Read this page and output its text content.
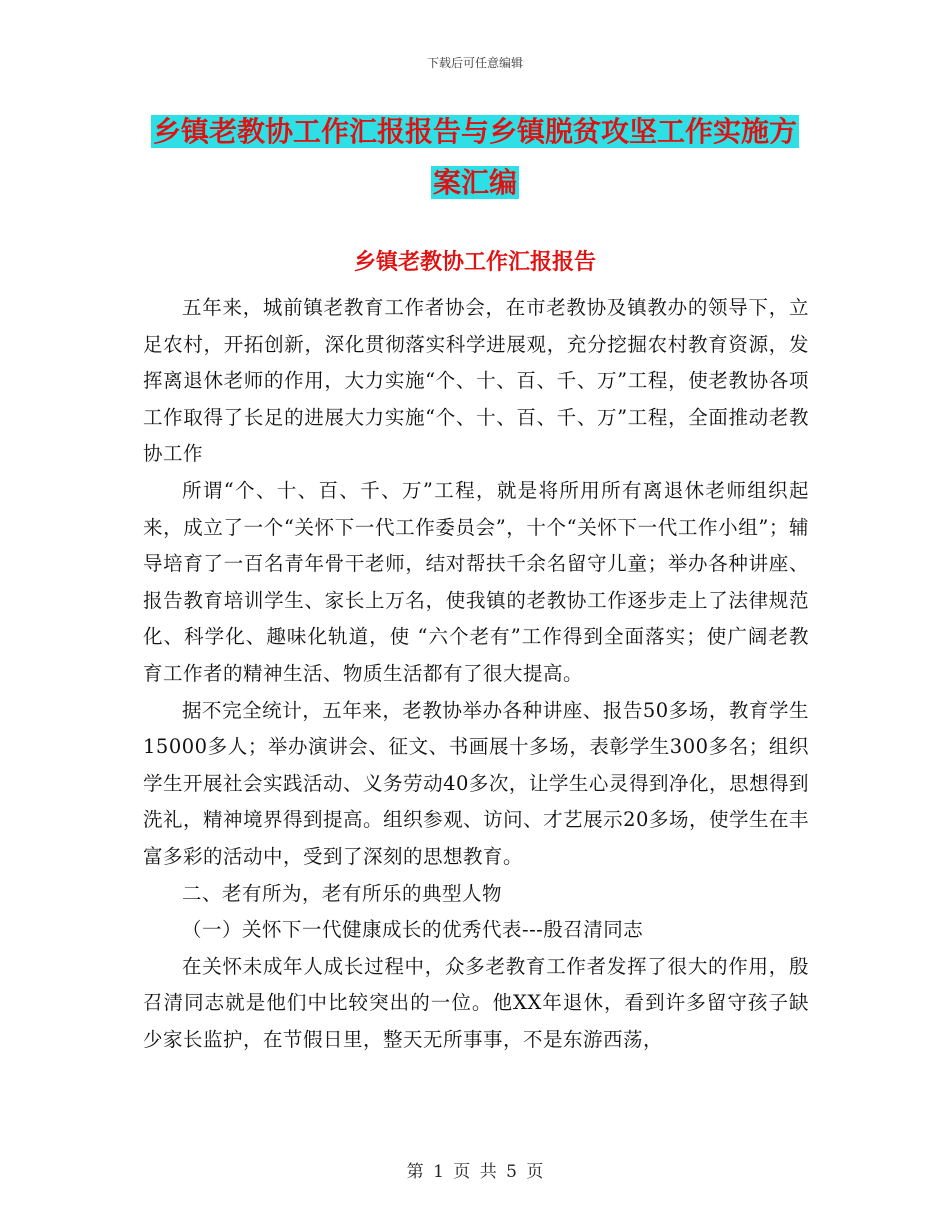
下载后可任意编辑
乡镇老教协工作汇报报告与乡镇脱贫攻坚工作实施方
案汇编
乡镇老教协工作汇报报告

五年来，城前镇老教育工作者协会，在市老教协及镇教办的领导下，立足农村，开拓创新，深化贯彻落实科学进展观，充分挖掘农村教育资源，发挥离退休老师的作用，大力实施“个、十、百、千、万”工程，使老教协各项工作取得了长足的进展大力实施“个、十、百、千、万”工程，全面推动老教协工作

所谓“个、十、百、千、万”工程，就是将所用所有离退休老师组织起来，成立了一个“关怀下一代工作委员会”，十个“关怀下一代工作小组”；辅导培育了一百名青年骨干老师，结对帮扶千余名留守儿童；举办各种讲座、报告教育培训学生、家长上万名，使我镇的老教协工作逐步走上了法律规范化、科学化、趣味化轨道，使 “六个老有”工作得到全面落实；使广阔老教育工作者的精神生活、物质生活都有了很大提高。

据不完全统计，五年来，老教协举办各种讲座、报告50多场，教育学生15000多人；举办演讲会、征文、书画展十多场，表彰学生300多名；组织学生开展社会实践活动、义务劳动40多次，让学生心灵得到净化，思想得到洗礼，精神境界得到提高。组织参观、访问、才艺展示20多场，使学生在丰富多彩的活动中，受到了深刻的思想教育。

二、老有所为，老有所乐的典型人物

（一）关怀下一代健康成长的优秀代表---殷召清同志

在关怀未成年人成长过程中，众多老教育工作者发挥了很大的作用，殷召清同志就是他们中比较突出的一位。他XX年退休，看到许多留守孩子缺少家长监护，在节假日里，整天无所事事，不是东游西荡，

第 1 页 共 5 页
